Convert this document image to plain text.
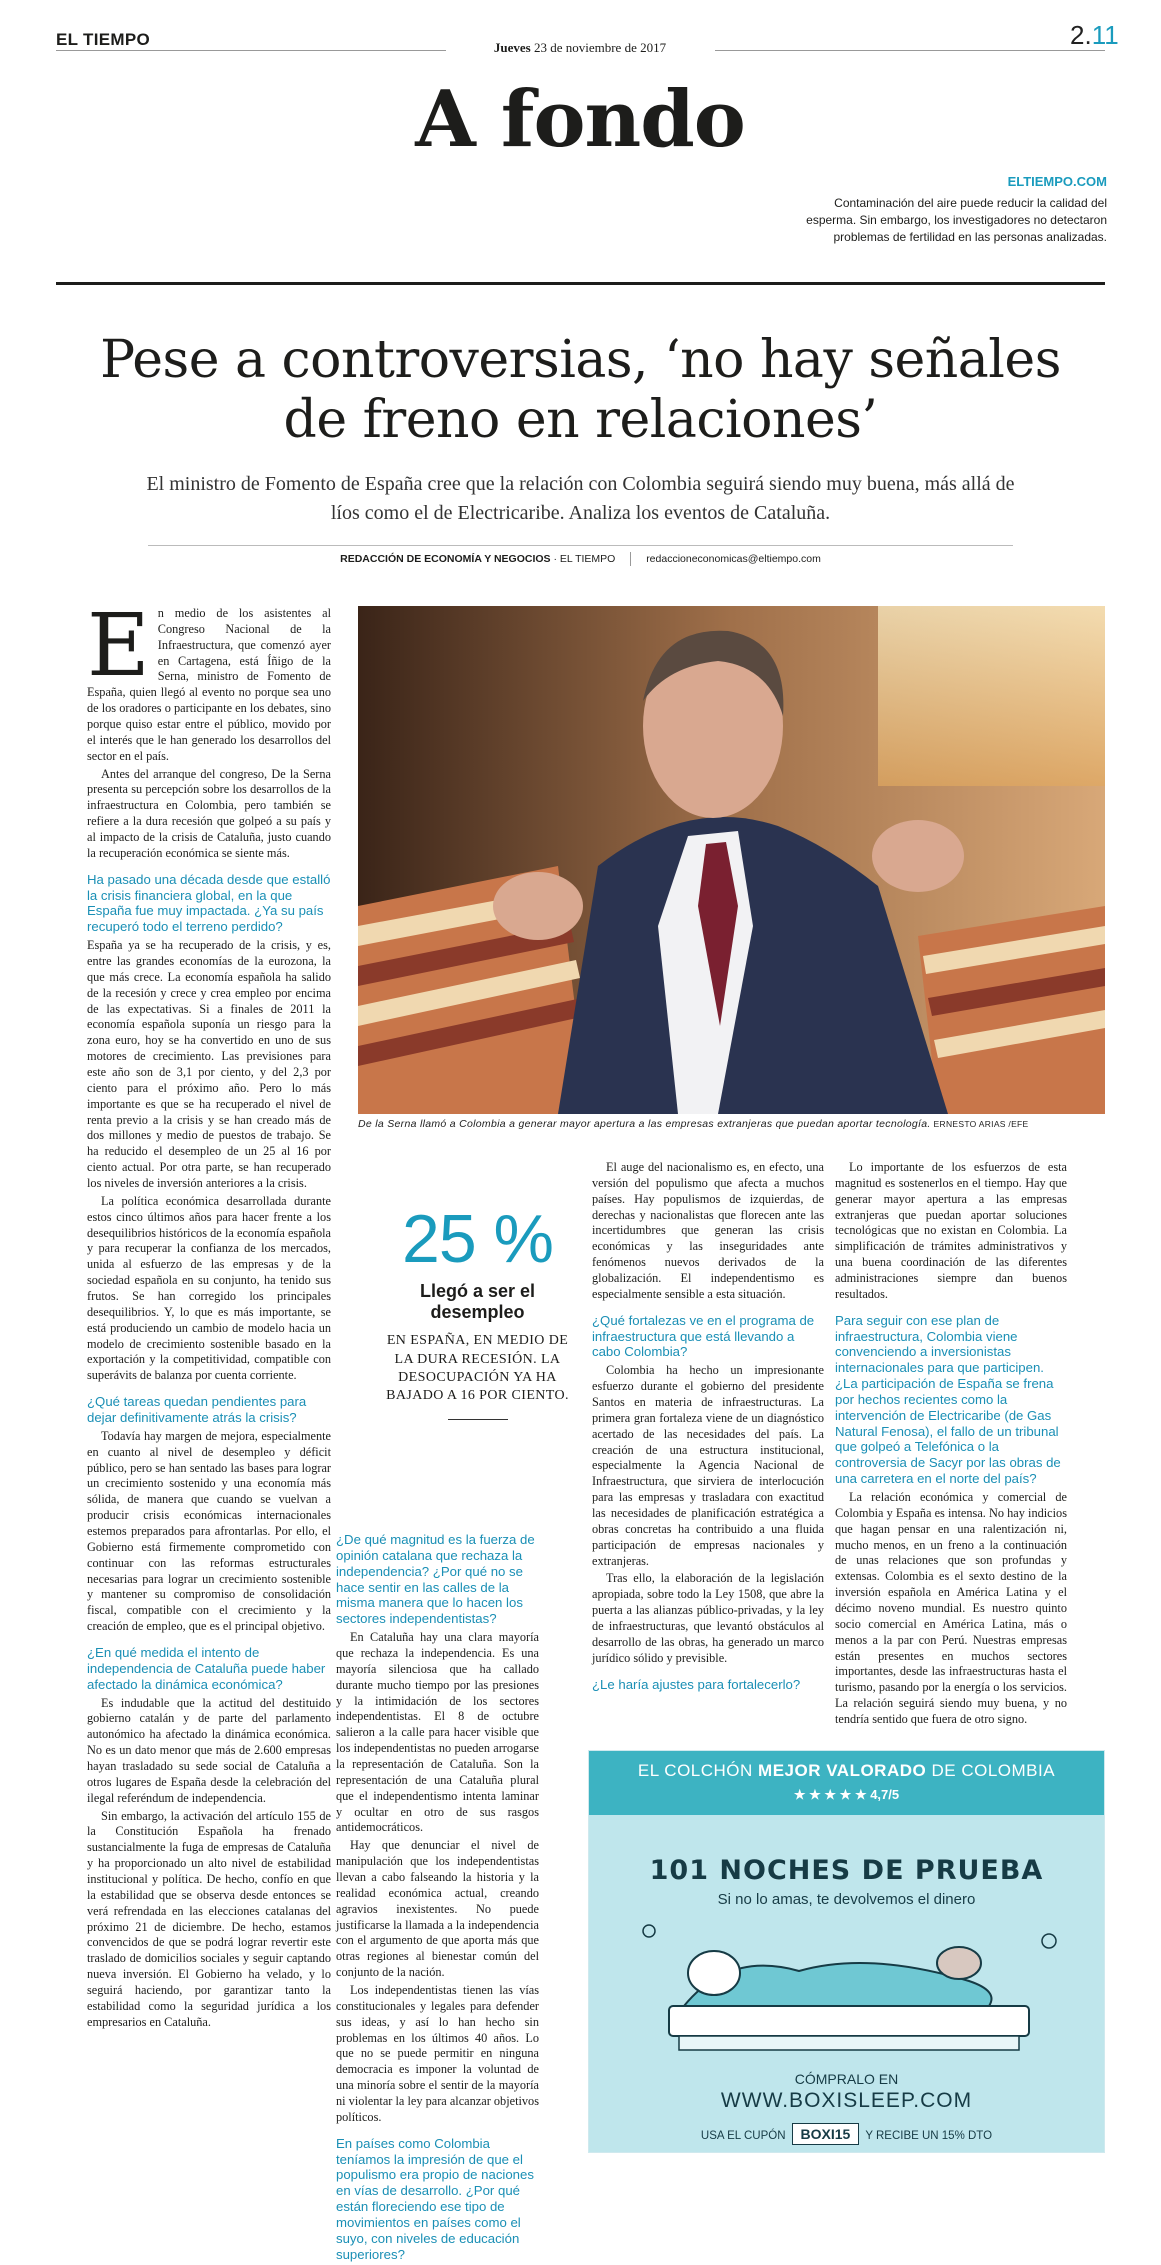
EL TIEMPO	Jueves 23 de noviembre de 2017	2.11
A fondo
ELTIEMPO.COM
Contaminación del aire puede reducir la calidad del esperma. Sin embargo, los investigadores no detectaron problemas de fertilidad en las personas analizadas.
Pese a controversias, ‘no hay señales de freno en relaciones’
El ministro de Fomento de España cree que la relación con Colombia seguirá siendo muy buena, más allá de líos como el de Electricaribe. Analiza los eventos de Cataluña.
REDACCIÓN DE ECONOMÍA Y NEGOCIOS · EL TIEMPO	redaccioneconomicas@eltiempo.com
De la Serna llamó a Colombia a generar mayor apertura a las empresas extranjeras que puedan aportar tecnología. ERNESTO ARIAS /EFE
E n medio de los asistentes al Congreso Nacional de la Infraestructura, que comenzó ayer en Cartagena, está Íñigo de la Serna, ministro de Fomento de España, quien llegó al evento no porque sea uno de los oradores o participante en los debates, sino porque quiso estar entre el público, movido por el interés que le han generado los desarrollos del sector en el país.

Antes del arranque del congreso, De la Serna presenta su percepción sobre los desarrollos de la infraestructura en Colombia, pero también se refiere a la dura recesión que golpeó a su país y al impacto de la crisis de Cataluña, justo cuando la recuperación económica se siente más.

Ha pasado una década desde que estalló la crisis financiera global, en la que España fue muy impactada. ¿Ya su país recuperó todo el terreno perdido?

España ya se ha recuperado de la crisis, y es, entre las grandes economías de la eurozona, la que más crece. La economía española ha salido de la recesión y crece y crea empleo por encima de las expectativas. Si a finales de 2011 la economía española suponía un riesgo para la zona euro, hoy se ha convertido en uno de sus motores de crecimiento. Las previsiones para este año son de 3,1 por ciento, y del 2,3 por ciento para el próximo año. Pero lo más importante es que se ha recuperado el nivel de renta previo a la crisis y se han creado más de dos millones y medio de puestos de trabajo. Se ha reducido el desempleo de un 25 al 16 por ciento actual. Por otra parte, se han recuperado los niveles de inversión anteriores a la crisis.

La política económica desarrollada durante estos cinco últimos años para hacer frente a los desequilibrios históricos de la economía española y para recuperar la confianza de los mercados, unida al esfuerzo de las empresas y de la sociedad española en su conjunto, ha tenido sus frutos. Se han corregido los principales desequilibrios. Y, lo que es más importante, se está produciendo un cambio de modelo hacia un modelo de crecimiento sostenible basado en la exportación y la competitividad, compatible con superávits de balanza por cuenta corriente.

¿Qué tareas quedan pendientes para dejar definitivamente atrás la crisis?

Todavía hay margen de mejora, especialmente en cuanto al nivel de desempleo y déficit público, pero se han sentado las bases para lograr un crecimiento sostenido y una economía más sólida, de manera que cuando se vuelvan a producir crisis económicas internacionales estemos preparados para afrontarlas. Por ello, el Gobierno está firmemente comprometido con continuar con las reformas estructurales necesarias para lograr un crecimiento sostenible y mantener su compromiso de consolidación fiscal, compatible con el crecimiento y la creación de empleo, que es el principal objetivo.

¿En qué medida el intento de independencia de Cataluña puede haber afectado la dinámica económica?

Es indudable que la actitud del destituido gobierno catalán y de parte del parlamento autonómico ha afectado la dinámica económica. No es un dato menor que más de 2.600 empresas hayan trasladado su sede social de Cataluña a otros lugares de España desde la celebración del ilegal referéndum de independencia.

Sin embargo, la activación del artículo 155 de la Constitución Española ha frenado sustancialmente la fuga de empresas de Cataluña y ha proporcionado un alto nivel de estabilidad institucional y política. De hecho, confío en que la estabilidad que se observa desde entonces se verá refrendada en las elecciones catalanas del próximo 21 de diciembre. De hecho, estamos convencidos de que se podrá lograr revertir este traslado de domicilios sociales y seguir captando nueva inversión. El Gobierno ha velado, y lo seguirá haciendo, por garantizar tanto la estabilidad como la seguridad jurídica a los empresarios en Cataluña.

25 %
Llegó a ser el desempleo
EN ESPAÑA, EN MEDIO DE LA DURA RECESIÓN. LA DESOCUPACIÓN YA HA BAJADO A 16 POR CIENTO.
¿De qué magnitud es la fuerza de opinión catalana que rechaza la independencia? ¿Por qué no se hace sentir en las calles de la misma manera que lo hacen los sectores independentistas?

En Cataluña hay una clara mayoría que rechaza la independencia. Es una mayoría silenciosa que ha callado durante mucho tiempo por las presiones y la intimidación de los sectores independentistas. El 8 de octubre salieron a la calle para hacer visible que los independentistas no pueden arrogarse la representación de Cataluña. Son la representación de una Cataluña plural que el independentismo intenta laminar y ocultar en otro de sus rasgos antidemocráticos.

Hay que denunciar el nivel de manipulación que los independentistas llevan a cabo falseando la historia y la realidad económica actual, creando agravios inexistentes. No puede justificarse la llamada a la independencia con el argumento de que aporta más que otras regiones al bienestar común del conjunto de la nación.

Los independentistas tienen las vías constitucionales y legales para defender sus ideas, y así lo han hecho sin problemas en los últimos 40 años. Lo que no se puede permitir en ninguna democracia es imponer la voluntad de una minoría sobre el sentir de la mayoría ni violentar la ley para alcanzar objetivos políticos.

En países como Colombia teníamos la impresión de que el populismo era propio de naciones en vías de desarrollo. ¿Por qué están floreciendo ese tipo de movimientos en países como el suyo, con niveles de educación superiores?

El auge del nacionalismo es, en efecto, una versión del populismo que afecta a muchos países. Hay populismos de izquierdas, de derechas y nacionalistas que florecen ante las incertidumbres que generan las crisis económicas y las inseguridades ante fenómenos nuevos derivados de la globalización. El independentismo es especialmente sensible a esta situación.

¿Qué fortalezas ve en el programa de infraestructura que está llevando a cabo Colombia?

Colombia ha hecho un impresionante esfuerzo durante el gobierno del presidente Santos en materia de infraestructuras. La primera gran fortaleza viene de un diagnóstico acertado de las necesidades del país. La creación de una estructura institucional, especialmente la Agencia Nacional de Infraestructura, que sirviera de interlocución para las empresas y trasladara con exactitud las necesidades de planificación estratégica a obras concretas ha contribuido a una fluida participación de empresas nacionales y extranjeras.

Tras ello, la elaboración de la legislación apropiada, sobre todo la Ley 1508, que abre la puerta a las alianzas público-privadas, y la ley de infraestructuras, que levantó obstáculos al desarrollo de las obras, ha generado un marco jurídico sólido y previsible.

¿Le haría ajustes para fortalecerlo?

Lo importante de los esfuerzos de esta magnitud es sostenerlos en el tiempo. Hay que generar mayor apertura a las empresas extranjeras que puedan aportar soluciones tecnológicas que no existan en Colombia. La simplificación de trámites administrativos y una buena coordinación de las diferentes administraciones siempre dan buenos resultados.

Para seguir con ese plan de infraestructura, Colombia viene convenciendo a inversionistas internacionales para que participen. ¿La participación de España se frena por hechos recientes como la intervención de Electricaribe (de Gas Natural Fenosa), el fallo de un tribunal que golpeó a Telefónica o la controversia de Sacyr por las obras de una carretera en el norte del país?

La relación económica y comercial de Colombia y España es intensa. No hay indicios que hagan pensar en una ralentización ni, mucho menos, en un freno a la continuación de unas relaciones que son profundas y extensas. Colombia es el sexto destino de la inversión española en América Latina y el décimo noveno mundial. Es nuestro quinto socio comercial en América Latina, más o menos a la par con Perú. Nuestras empresas están presentes en muchos sectores importantes, desde las infraestructuras hasta el turismo, pasando por la energía o los servicios. La relación seguirá siendo muy buena, y no tendría sentido que fuera de otro signo.

EL COLCHÓN MEJOR VALORADO DE COLOMBIA
★ ★ ★ ★ ★ 4,7/5
101 NOCHES DE PRUEBA
Si no lo amas, te devolvemos el dinero
CÓMPRALO EN
WWW.BOXISLEEP.COM
USA EL CUPÓN BOXI15 Y RECIBE UN 15% DTO
